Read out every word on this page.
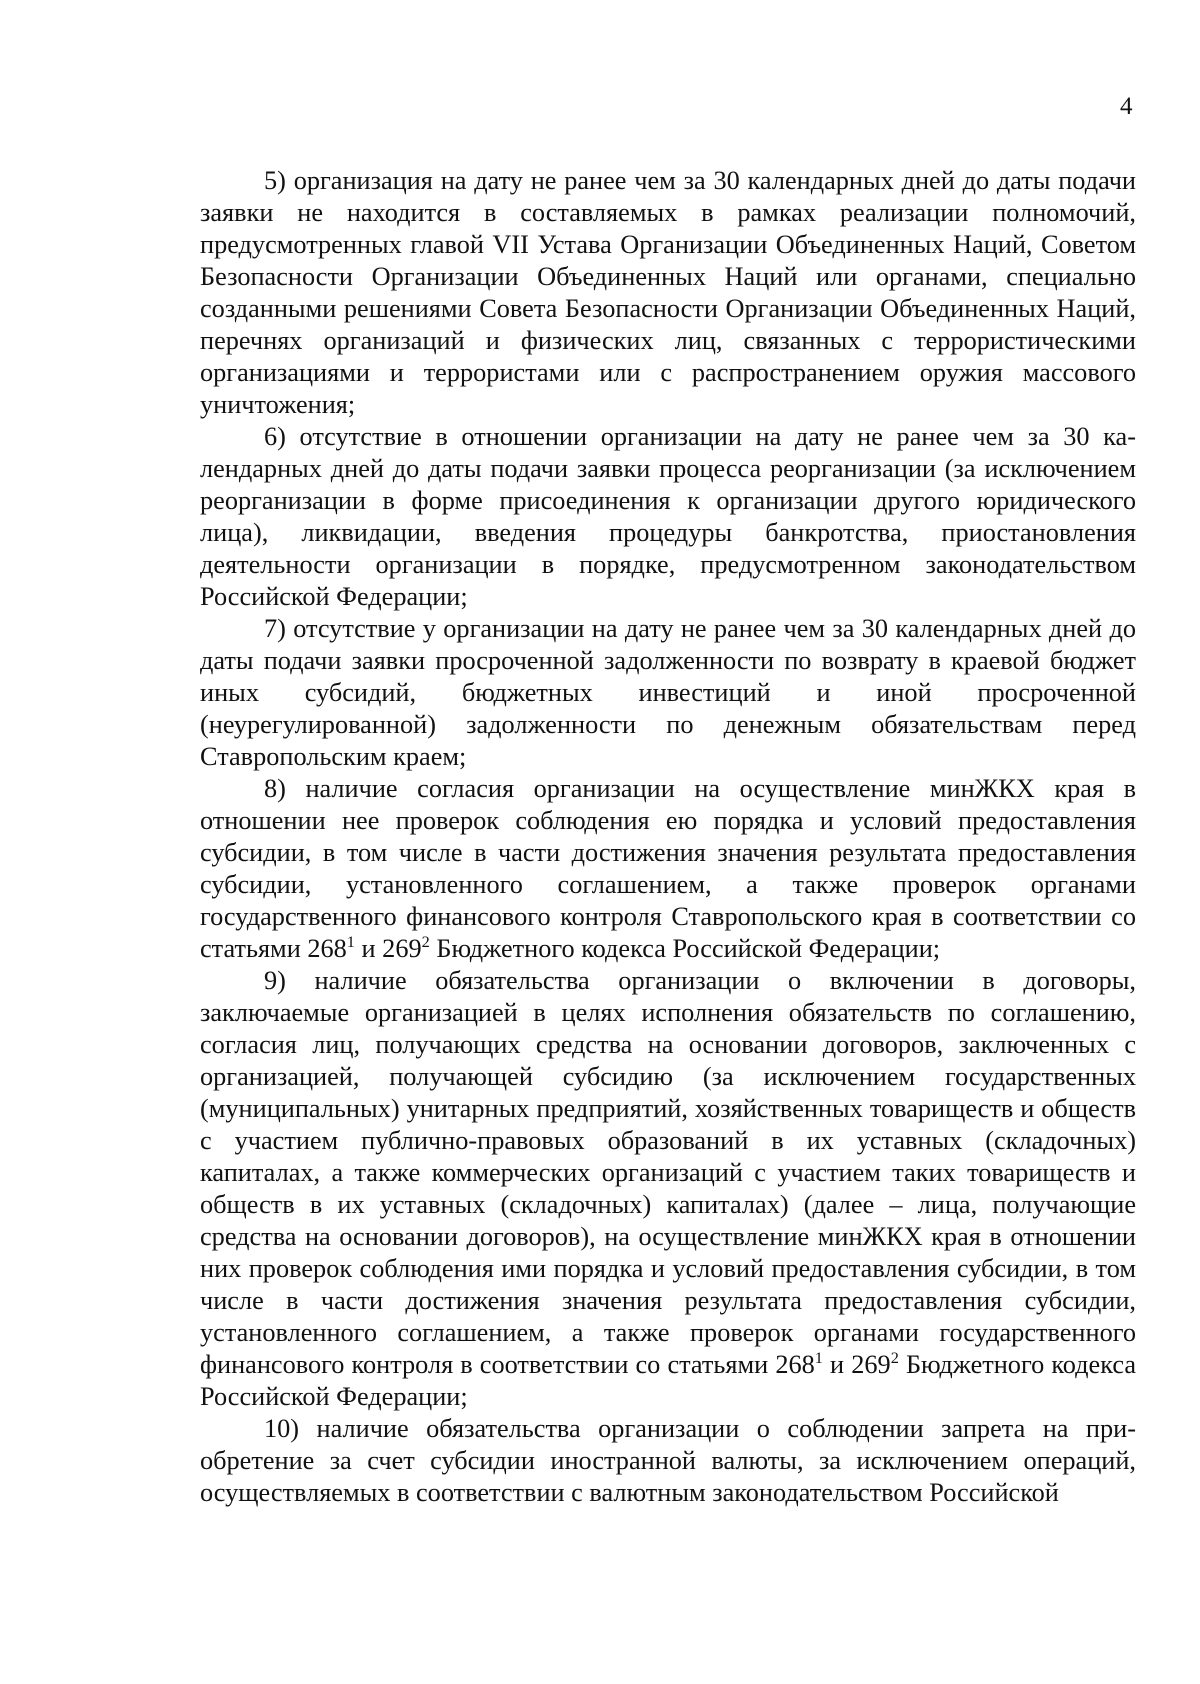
4

5) организация на дату не ранее чем за 30 календарных дней до даты подачи заявки не находится в составляемых в рамках реализации полномочий, предусмотренных главой VII Устава Организации Объединенных Наций, Советом Безопасности Организации Объединенных Наций или органами, специально созданными решениями Совета Безопасности Организации Объединенных Наций, перечнях организаций и физических лиц, связанных с террористическими организациями и террористами или с распространением оружия массового уничтожения;

6) отсутствие в отношении организации на дату не ранее чем за 30 календарных дней до даты подачи заявки процесса реорганизации (за исключением реорганизации в форме присоединения к организации другого юридического лица), ликвидации, введения процедуры банкротства, приостановления деятельности организации в порядке, предусмотренном законодательством Российской Федерации;

7) отсутствие у организации на дату не ранее чем за 30 календарных дней до даты подачи заявки просроченной задолженности по возврату в краевой бюджет иных субсидий, бюджетных инвестиций и иной просроченной (неурегулированной) задолженности по денежным обязательствам перед Ставропольским краем;

8) наличие согласия организации на осуществление минЖКХ края в отношении нее проверок соблюдения ею порядка и условий предоставления субсидии, в том числе в части достижения значения результата предоставления субсидии, установленного соглашением, а также проверок органами государственного финансового контроля Ставропольского края в соответствии со статьями $268^1$ и $269^2$ Бюджетного кодекса Российской Федерации;

9) наличие обязательства организации о включении в договоры, заключаемые организацией в целях исполнения обязательств по соглашению, согласия лиц, получающих средства на основании договоров, заключенных с организацией, получающей субсидию (за исключением государственных (муниципальных) унитарных предприятий, хозяйственных товариществ и обществ с участием публично-правовых образований в их уставных (складочных) капиталах, а также коммерческих организаций с участием таких товариществ и обществ в их уставных (складочных) капиталах) (далее – лица, получающие средства на основании договоров), на осуществление минЖКХ края в отношении них проверок соблюдения ими порядка и условий предоставления субсидии, в том числе в части достижения значения результата предоставления субсидии, установленного соглашением, а также проверок органами государственного финансового контроля в соответствии со статьями $268^1$ и $269^2$ Бюджетного кодекса Российской Федерации;

10) наличие обязательства организации о соблюдении запрета на приобретение за счет субсидии иностранной валюты, за исключением операций, осуществляемых в соответствии с валютным законодательством Российской
